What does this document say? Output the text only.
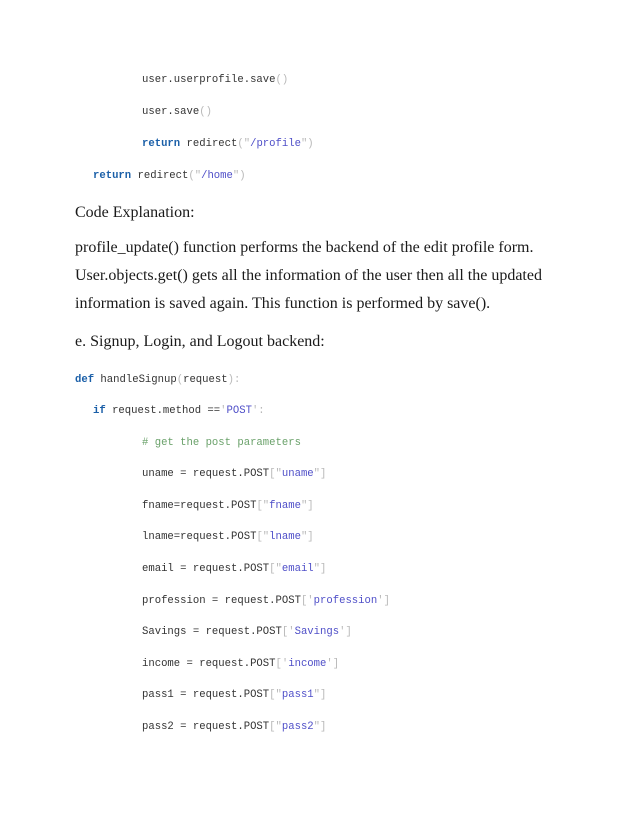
user.userprofile.save()
user.save()
return redirect("/profile")
return redirect("/home")
Code Explanation:
profile_update() function performs the backend of the edit profile form.
User.objects.get() gets all the information of the user then all the updated
information is saved again. This function is performed by save().
e. Signup, Login, and Logout backend:
def handleSignup(request):
if request.method =='POST':
# get the post parameters
uname = request.POST["uname"]
fname=request.POST["fname"]
lname=request.POST["lname"]
email = request.POST["email"]
profession = request.POST['profession']
Savings = request.POST['Savings']
income = request.POST['income']
pass1 = request.POST["pass1"]
pass2 = request.POST["pass2"]
